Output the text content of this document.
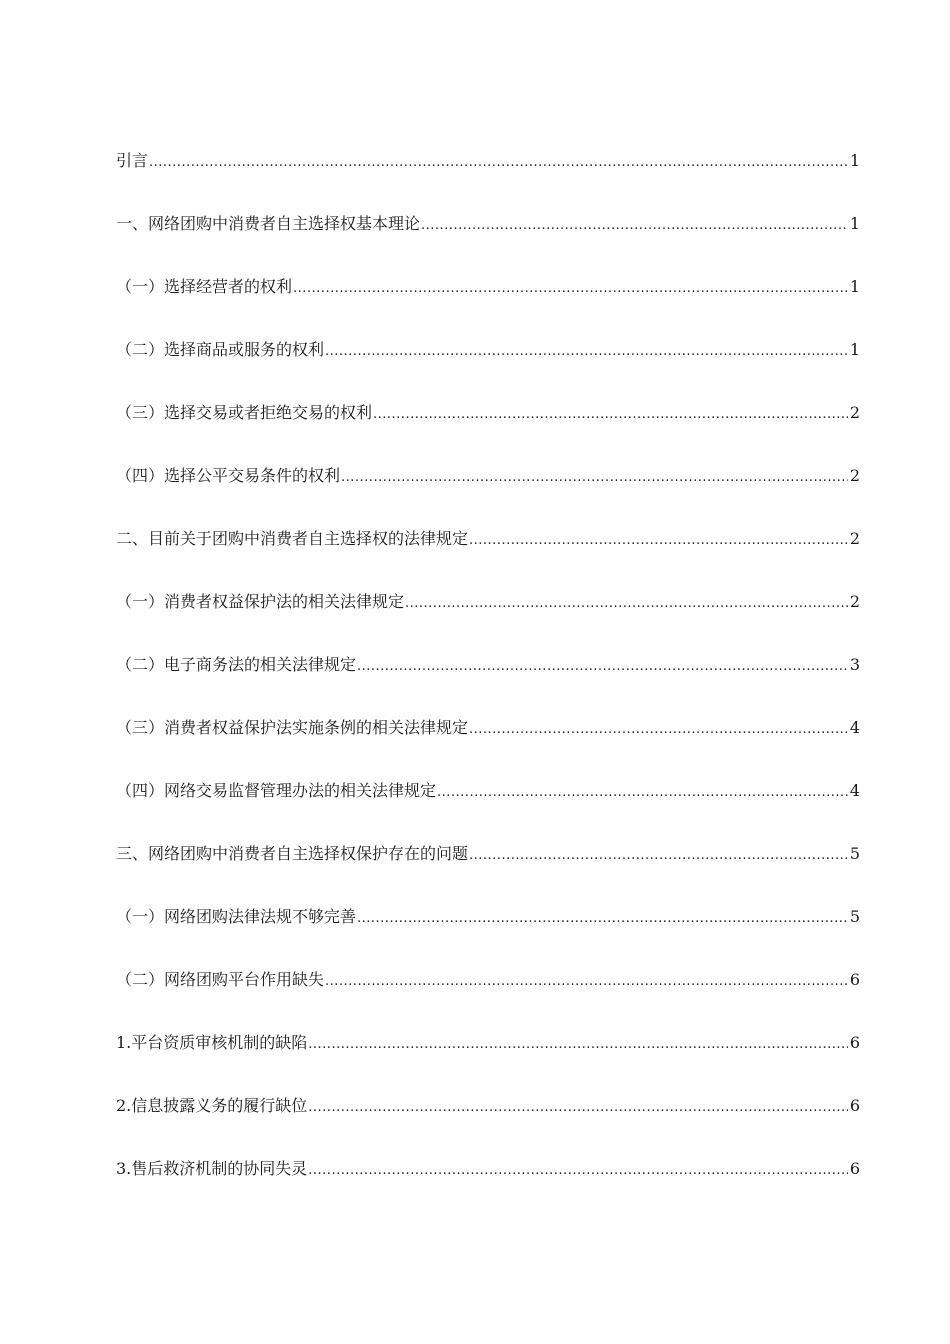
引言 .....	1
一、网络团购中消费者自主选择权基本理论 .....	1
（一）选择经营者的权利 .....	1
（二）选择商品或服务的权利 .....	1
（三）选择交易或者拒绝交易的权利 .....	2
（四）选择公平交易条件的权利 .....	2
二、目前关于团购中消费者自主选择权的法律规定 .....	2
（一）消费者权益保护法的相关法律规定 .....	2
（二）电子商务法的相关法律规定 .....	3
（三）消费者权益保护法实施条例的相关法律规定 .....	4
（四）网络交易监督管理办法的相关法律规定 .....	4
三、网络团购中消费者自主选择权保护存在的问题 .....	5
（一）网络团购法律法规不够完善 .....	5
（二）网络团购平台作用缺失 .....	6
1.平台资质审核机制的缺陷 .....	6
2.信息披露义务的履行缺位 .....	6
3.售后救济机制的协同失灵 .....	6
